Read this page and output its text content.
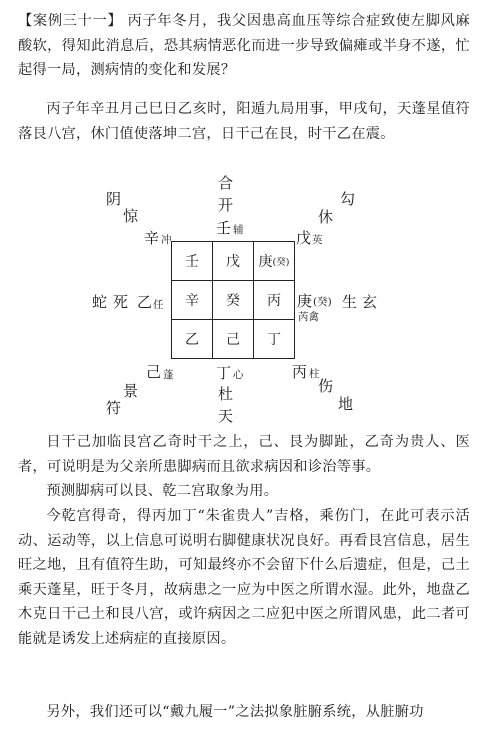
【案例三十一】 丙子年冬月，我父因患高血压等综合症致使左脚风麻酸软，得知此消息后，恐其病情恶化而进一步导致偏瘫或半身不遂，忙起得一局，测病情的变化和发展？

丙子年辛丑月己巳日乙亥时，阳遁九局用事，甲戌旬，天蓬星值符落艮八宫，休门值使落坤二宫，日干己在艮，时干乙在震。

合
开
壬 辅
阴
惊
辛 冲
勾
休
戊 英
蛇 死 乙 任	庚 (癸)
芮禽
生 玄
己 蓬
景
符
丁 心
杜
天
丙 柱
伤
地
壬 戊 庚 (癸)
辛 癸 丙
乙 己 丁

日干己加临艮宫乙奇时干之上，己、艮为脚趾，乙奇为贵人、医者，可说明是为父亲所患脚病而且欲求病因和诊治等事。

预测脚病可以艮、乾二宫取象为用。

今乾宫得奇，得丙加丁“朱雀贵人”吉格，乘伤门，在此可表示活动、运动等，以上信息可说明右脚健康状况良好。再看艮宫信息，居生旺之地，且有值符生助，可知最终亦不会留下什么后遗症，但是，己土乘天蓬星，旺于冬月，故病患之一应为中医之所谓水湿。此外，地盘乙木克日干己土和艮八宫，或许病因之二应犯中医之所谓风患，此二者可能就是诱发上述病症的直接原因。

另外，我们还可以“戴九履一”之法拟象脏腑系统，从脏腑功
